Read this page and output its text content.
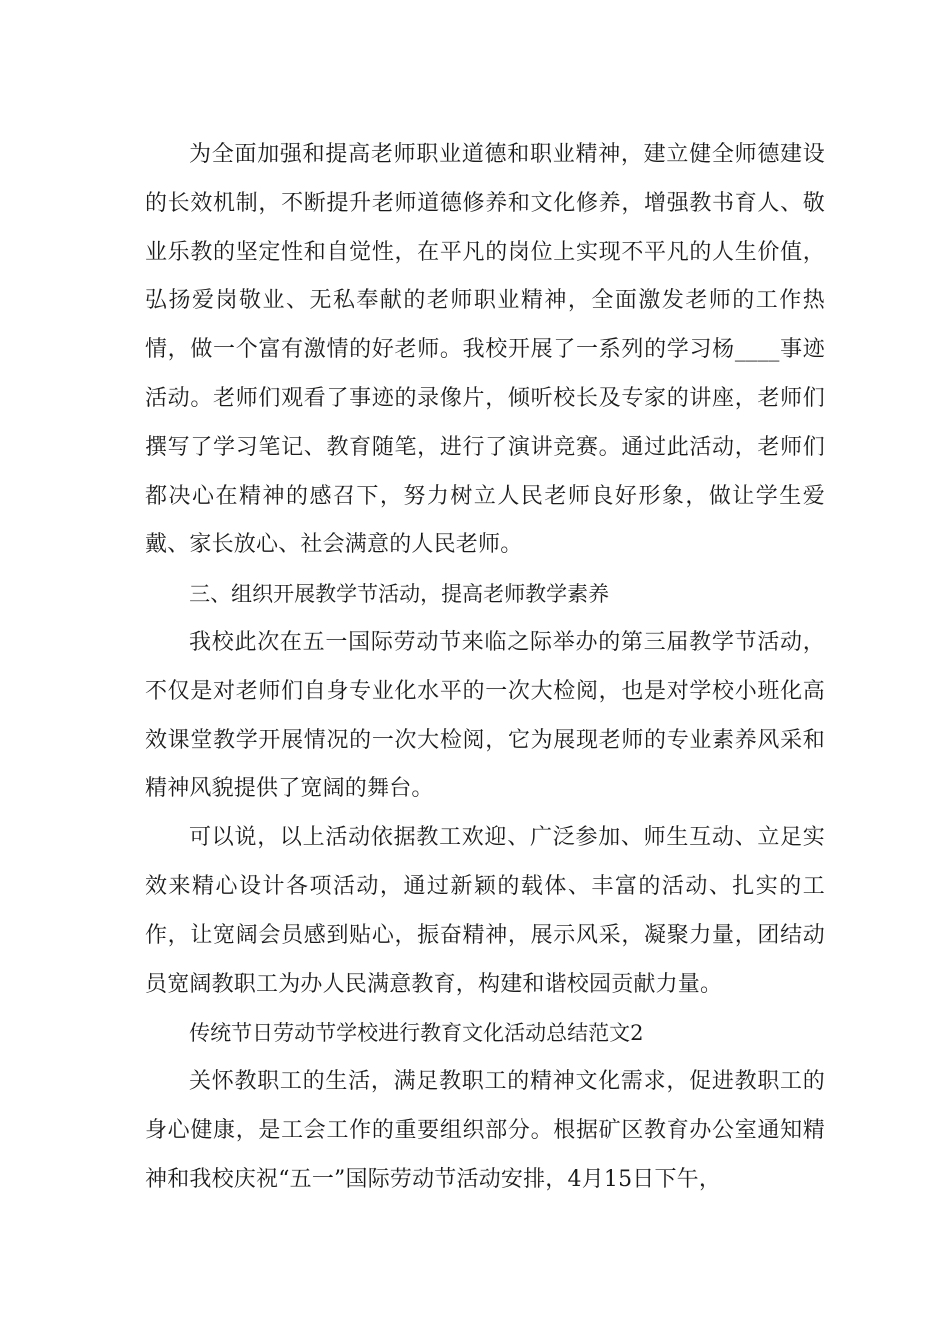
为全面加强和提高老师职业道德和职业精神，建立健全师德建设的长效机制，不断提升老师道德修养和文化修养，增强教书育人、敬业乐教的坚定性和自觉性，在平凡的岗位上实现不平凡的人生价值，弘扬爱岗敬业、无私奉献的老师职业精神，全面激发老师的工作热情，做一个富有激情的好老师。我校开展了一系列的学习杨____事迹活动。老师们观看了事迹的录像片，倾听校长及专家的讲座，老师们撰写了学习笔记、教育随笔，进行了演讲竞赛。通过此活动，老师们都决心在精神的感召下，努力树立人民老师良好形象，做让学生爱戴、家长放心、社会满意的人民老师。

三、组织开展教学节活动，提高老师教学素养

我校此次在五一国际劳动节来临之际举办的第三届教学节活动，不仅是对老师们自身专业化水平的一次大检阅，也是对学校小班化高效课堂教学开展情况的一次大检阅，它为展现老师的专业素养风采和精神风貌提供了宽阔的舞台。

可以说，以上活动依据教工欢迎、广泛参加、师生互动、立足实效来精心设计各项活动，通过新颖的载体、丰富的活动、扎实的工作，让宽阔会员感到贴心，振奋精神，展示风采，凝聚力量，团结动员宽阔教职工为办人民满意教育，构建和谐校园贡献力量。

传统节日劳动节学校进行教育文化活动总结范文2

关怀教职工的生活，满足教职工的精神文化需求，促进教职工的身心健康，是工会工作的重要组织部分。根据矿区教育办公室通知精神和我校庆祝“五一”国际劳动节活动安排，4月15日下午，
